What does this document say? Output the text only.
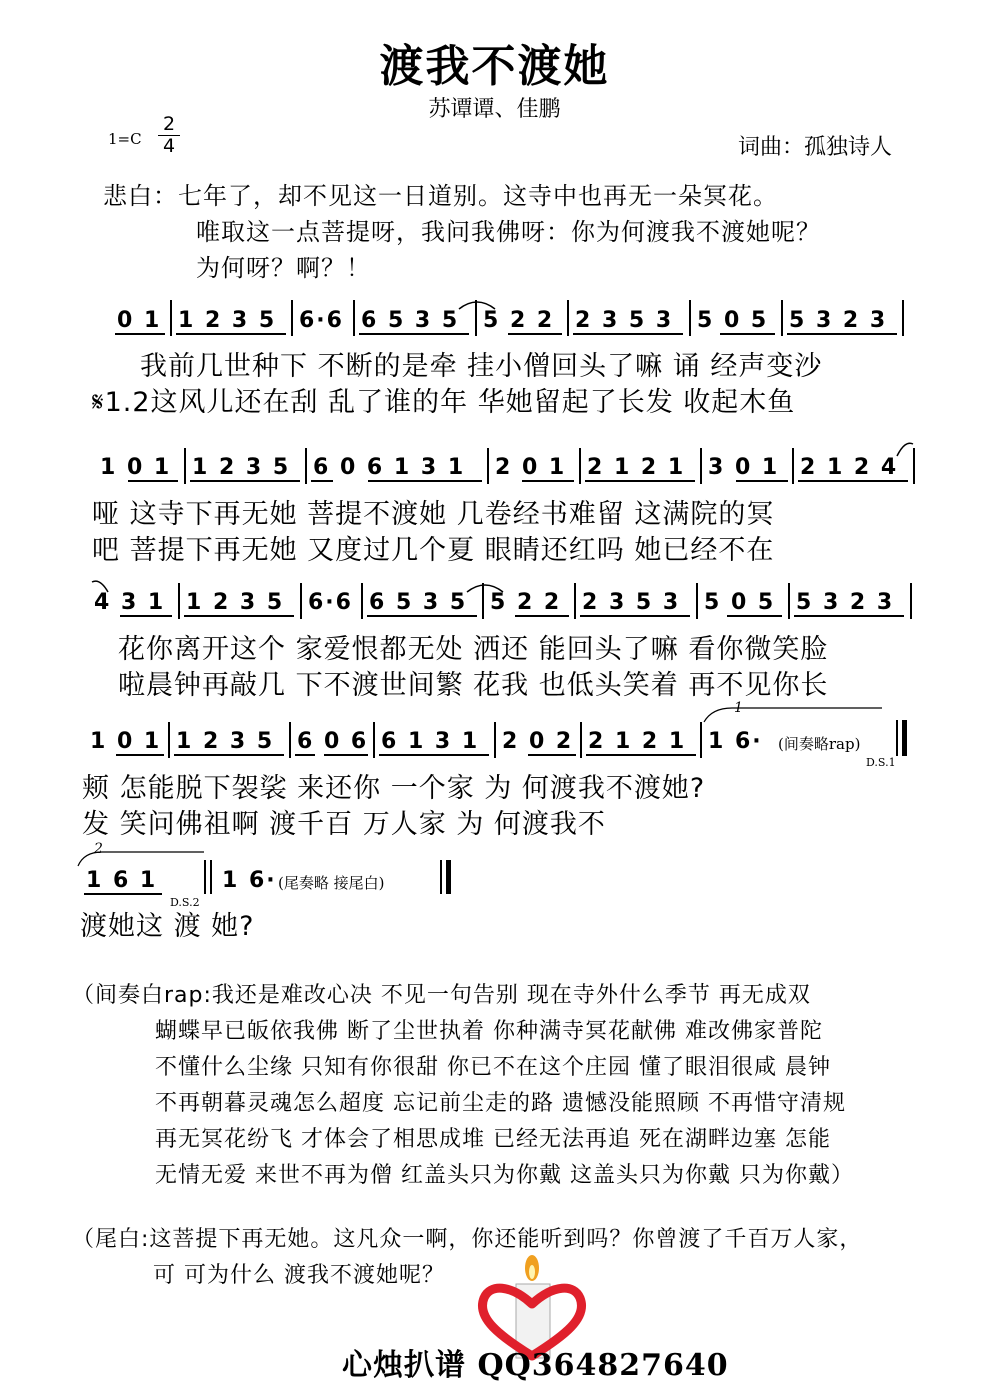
渡我不渡她
苏谭谭、佳鹏
1=C
2
4	词曲：孤独诗人
悲白：七年了，却不见这一日道别。这寺中也再无一朵冥花。
唯取这一点菩提呀，我问我佛呀：你为何渡我不渡她呢？
为何呀？啊？！
0 1 1 2 3 5 6·6 6 5 3 5 5 2 2 2 3 5 3 5 0 5 5 3 2 3
我前几世种下 不断的是牵 挂小僧回头了嘛 诵 经声变沙
𝄋1.2这风儿还在刮 乱了谁的年 华她留起了长发 收起木鱼
1 0 1 1 2 3 5 6 0 6 1 3 1 2 0 1 2 1 2 1 3 0 1 2 1 2 4
哑 这寺下再无她 菩提不渡她 几卷经书难留 这满院的冥
吧 菩提下再无她 又度过几个夏 眼睛还红吗 她已经不在
4 3 1 1 2 3 5 6·6 6 5 3 5 5 2 2 2 3 5 3 5 0 5 5 3 2 3
花你离开这个 家爱恨都无处 洒还 能回头了嘛 看你微笑脸
啦晨钟再敲几 下不渡世间繁 花我 也低头笑着 再不见你长
1 0 1 1 2 3 5 6 0 6 6 1 3 1 2 0 2 2 1 2 1 1 6·
1
(间奏略rap)
D.S.1
颊 怎能脱下袈裟 来还你 一个家 为 何渡我不渡她?
发 笑问佛祖啊 渡千百 万人家 为 何渡我不
2
1 6 1
D.S.2
1 6· (尾奏略 接尾白)
渡她这 渡 她?
（间奏白rap:我还是难改心决 不见一句告别 现在寺外什么季节 再无成双
蝴蝶早已皈依我佛 断了尘世执着 你种满寺冥花献佛 难改佛家普陀
不懂什么尘缘 只知有你很甜 你已不在这个庄园 懂了眼泪很咸 晨钟
不再朝暮灵魂怎么超度 忘记前尘走的路 遗憾没能照顾 不再惜守清规
再无冥花纷飞 才体会了相思成堆 已经无法再追 死在湖畔边塞 怎能
无情无爱 来世不再为僧 红盖头只为你戴 这盖头只为你戴 只为你戴）
（尾白:这菩提下再无她。这凡众一啊，你还能听到吗？你曾渡了千百万人家，
可 可为什么 渡我不渡她呢？
心烛扒谱 QQ364827640
